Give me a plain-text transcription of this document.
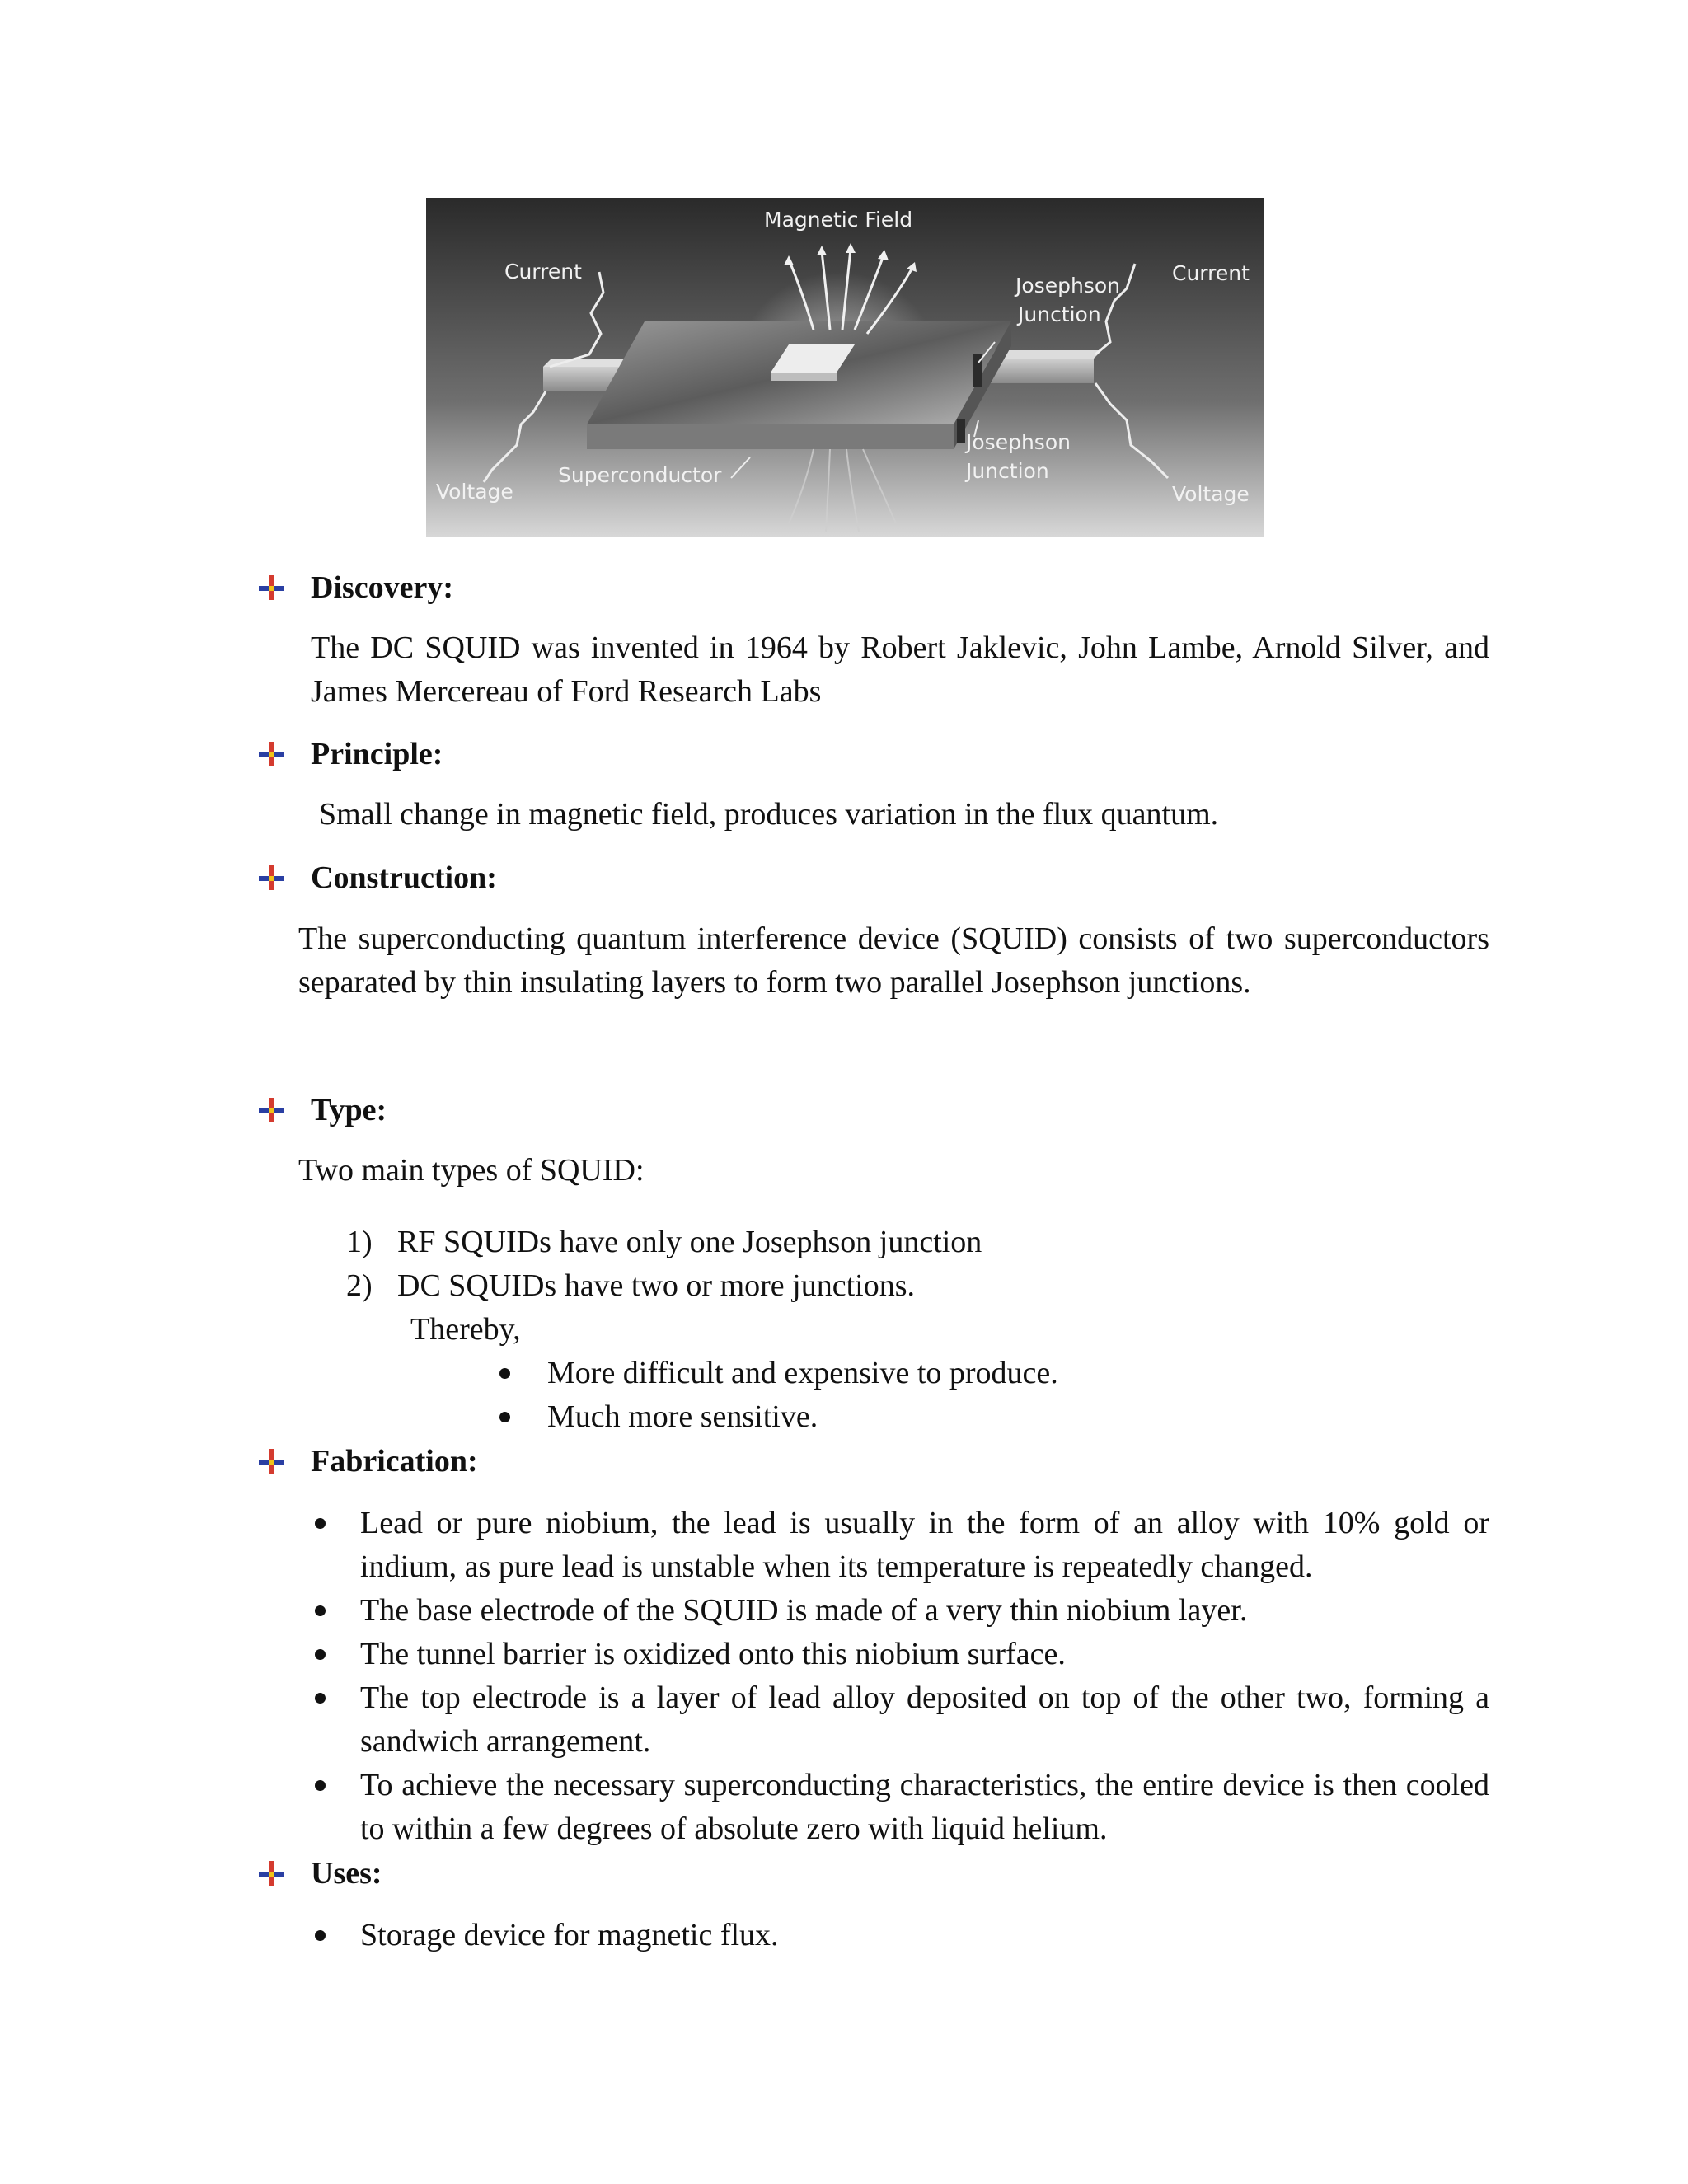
Magnetic Field
Current	Current
Josephson
Junction
Josephson
Junction
Superconductor
Voltage	Voltage
Discovery:
The DC SQUID was invented in 1964 by Robert Jaklevic, John Lambe, Arnold Silver, and James Mercereau of Ford Research Labs
Principle:
Small change in magnetic field, produces variation in the flux quantum.
Construction:
The superconducting quantum interference device (SQUID) consists of two superconductors separated by thin insulating layers to form two parallel Josephson junctions.
Type:
Two main types of SQUID:
1) RF SQUIDs have only one Josephson junction
2) DC SQUIDs have two or more junctions.
Thereby,
More difficult and expensive to produce.
Much more sensitive.
Fabrication:
Lead or pure niobium, the lead is usually in the form of an alloy with 10% gold or indium, as pure lead is unstable when its temperature is repeatedly changed.
The base electrode of the SQUID is made of a very thin niobium layer.
The tunnel barrier is oxidized onto this niobium surface.
The top electrode is a layer of lead alloy deposited on top of the other two, forming a sandwich arrangement.
To achieve the necessary superconducting characteristics, the entire device is then cooled to within a few degrees of absolute zero with liquid helium.
Uses:
Storage device for magnetic flux.
